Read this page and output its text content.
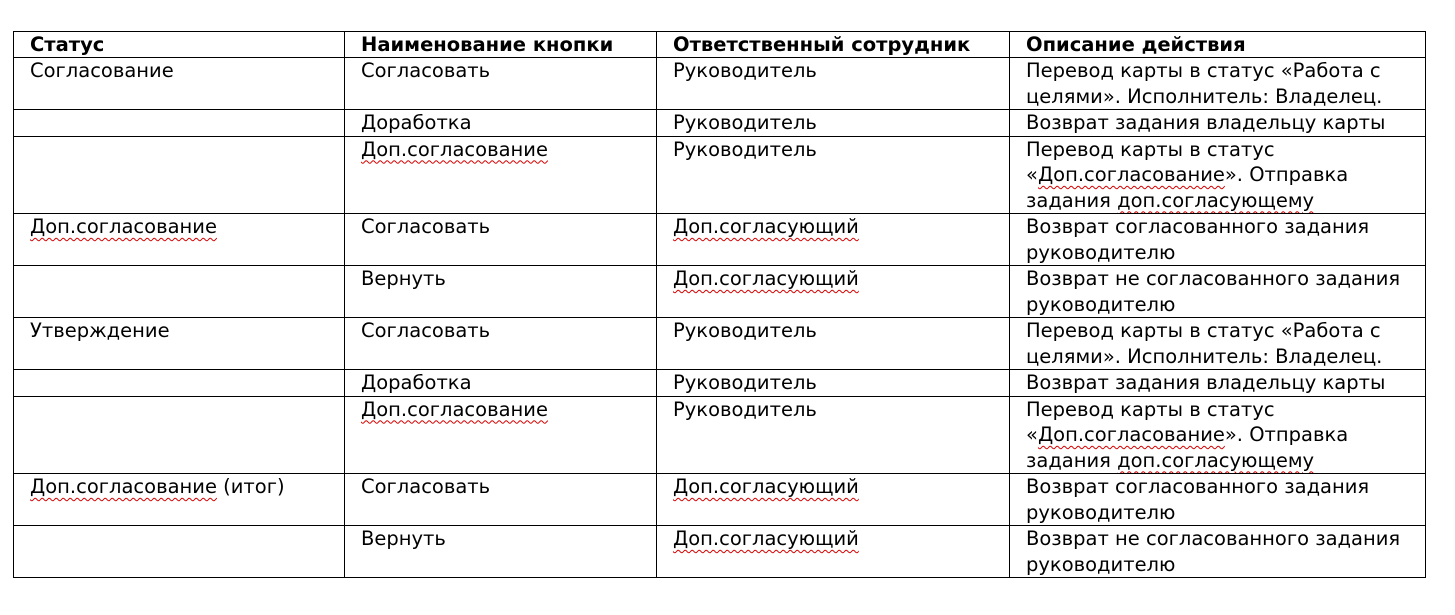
Статус	Наименование кнопки	Ответственный сотрудник	Описание действия
Согласование	Согласовать	Руководитель	Перевод карты в статус «Работа с целями». Исполнитель: Владелец.
	Доработка	Руководитель	Возврат задания владельцу карты
	Доп.согласование	Руководитель	Перевод карты в статус «Доп.согласование». Отправка задания доп.согласующему
Доп.согласование	Согласовать	Доп.согласующий	Возврат согласованного задания руководителю
	Вернуть	Доп.согласующий	Возврат не согласованного задания руководителю
Утверждение	Согласовать	Руководитель	Перевод карты в статус «Работа с целями». Исполнитель: Владелец.
	Доработка	Руководитель	Возврат задания владельцу карты
	Доп.согласование	Руководитель	Перевод карты в статус «Доп.согласование». Отправка задания доп.согласующему
Доп.согласование (итог)	Согласовать	Доп.согласующий	Возврат согласованного задания руководителю
	Вернуть	Доп.согласующий	Возврат не согласованного задания руководителю
